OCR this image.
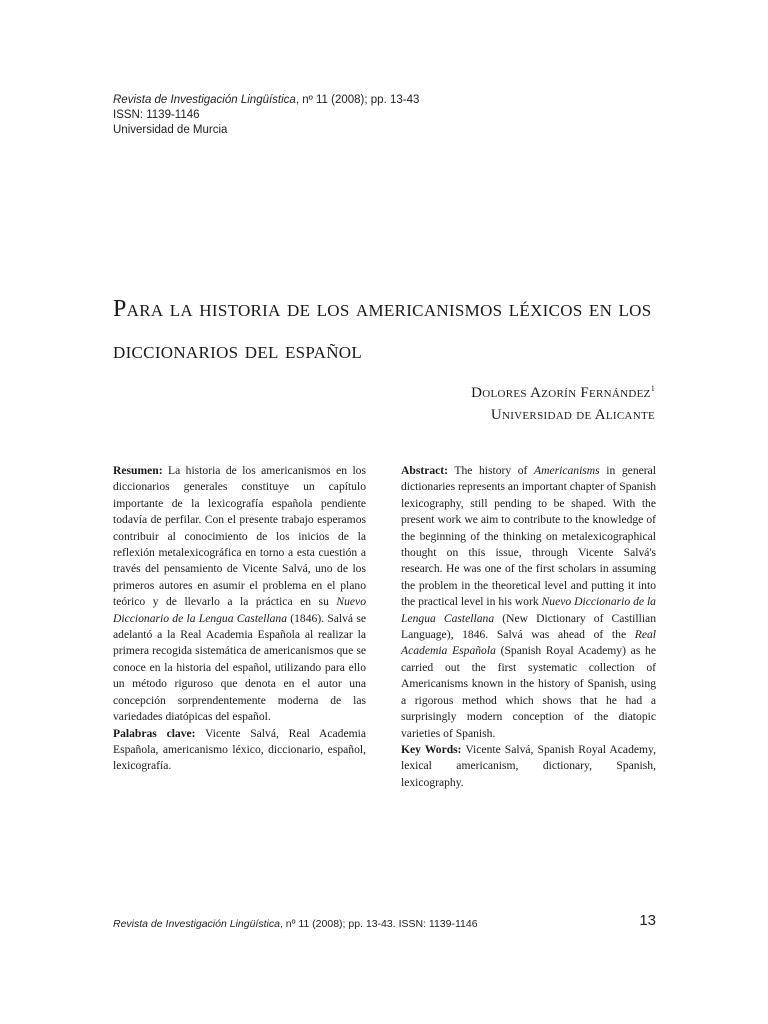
Revista de Investigación Lingüística, nº 11 (2008); pp. 13-43
ISSN: 1139-1146
Universidad de Murcia
Para la historia de los americanismos léxicos en los diccionarios del español
Dolores Azorín Fernández$^1$
Universidad de Alicante

Resumen: La historia de los americanismos en los diccionarios generales constituye un capítulo importante de la lexicografía española pendiente todavía de perfilar. Con el presente trabajo esperamos contribuir al conocimiento de los inicios de la reflexión metalexicográfica en torno a esta cuestión a través del pensamiento de Vicente Salvá, uno de los primeros autores en asumir el problema en el plano teórico y de llevarlo a la práctica en su Nuevo Diccionario de la Lengua Castellana (1846). Salvá se adelantó a la Real Academia Española al realizar la primera recogida sistemática de americanismos que se conoce en la historia del español, utilizando para ello un método riguroso que denota en el autor una concepción sorprendentemente moderna de las variedades diatópicas del español.

Palabras clave: Vicente Salvá, Real Academia Española, americanismo léxico, diccionario, español, lexicografía.

Abstract: The history of Americanisms in general dictionaries represents an important chapter of Spanish lexicography, still pending to be shaped. With the present work we aim to contribute to the knowledge of the beginning of the thinking on metalexicographical thought on this issue, through Vicente Salvá's research. He was one of the first scholars in assuming the problem in the theoretical level and putting it into the practical level in his work Nuevo Diccionario de la Lengua Castellana (New Dictionary of Castillian Language), 1846. Salvá was ahead of the Real Academia Española (Spanish Royal Academy) as he carried out the first systematic collection of Americanisms known in the history of Spanish, using a rigorous method which shows that he had a surprisingly modern conception of the diatopic varieties of Spanish.

Key Words: Vicente Salvá, Spanish Royal Academy, lexical americanism, dictionary, Spanish, lexicography.

Revista de Investigación Lingüística, nº 11 (2008); pp. 13-43. ISSN: 1139-1146	13
